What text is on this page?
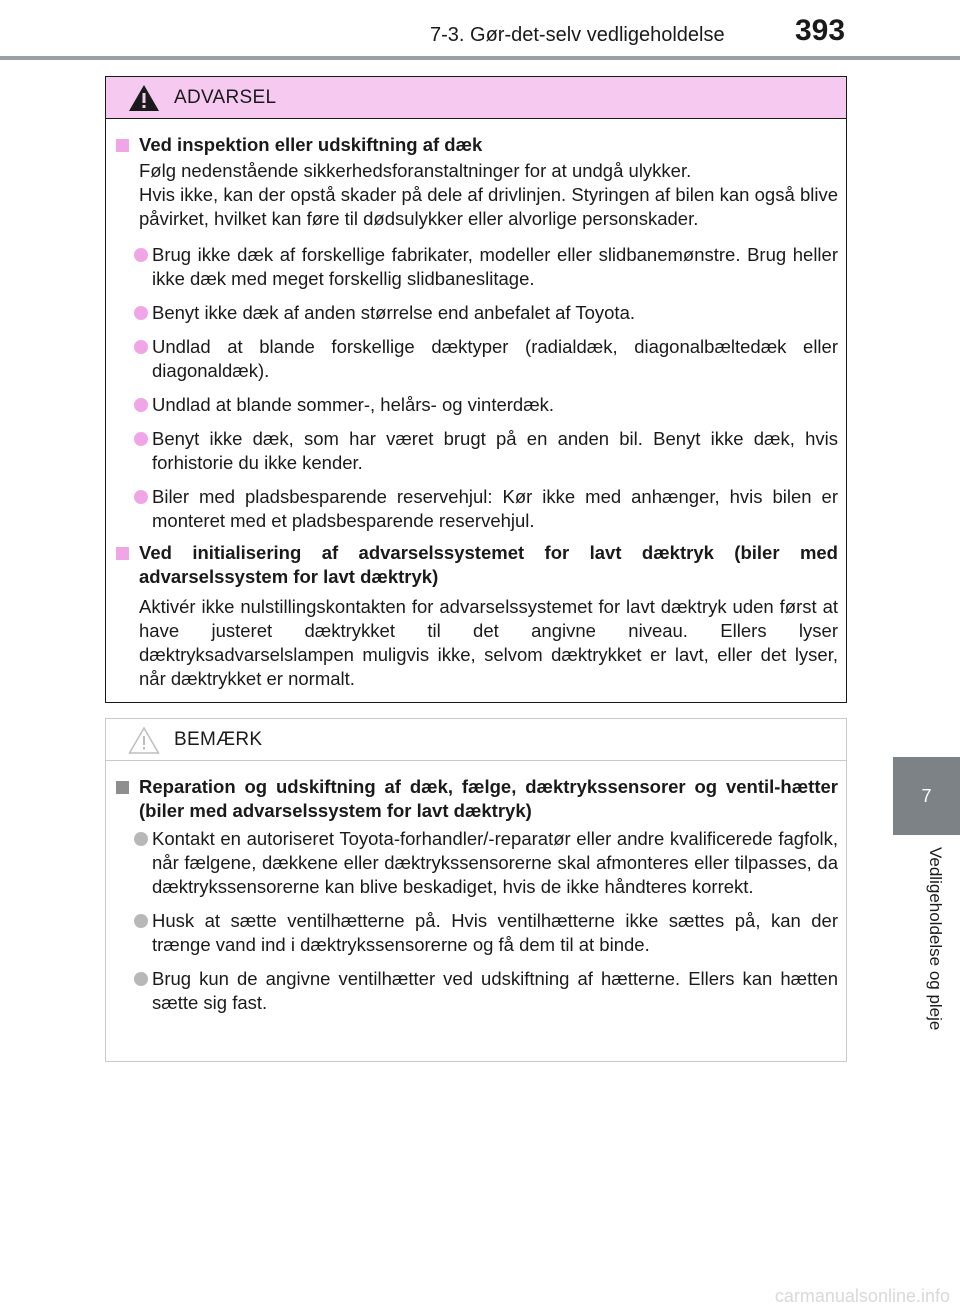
7-3. Gør-det-selv vedligeholdelse	393
7
Vedligeholdelse og pleje
ADVARSEL
Ved inspektion eller udskiftning af dæk
Følg nedenstående sikkerhedsforanstaltninger for at undgå ulykker.
Hvis ikke, kan der opstå skader på dele af drivlinjen. Styringen af bilen kan også blive påvirket, hvilket kan føre til dødsulykker eller alvorlige personskader.
Brug ikke dæk af forskellige fabrikater, modeller eller slidbanemønstre. Brug heller ikke dæk med meget forskellig slidbaneslitage.
Benyt ikke dæk af anden størrelse end anbefalet af Toyota.
Undlad at blande forskellige dæktyper (radialdæk, diagonalbæltedæk eller diagonaldæk).
Undlad at blande sommer-, helårs- og vinterdæk.
Benyt ikke dæk, som har været brugt på en anden bil. Benyt ikke dæk, hvis forhistorie du ikke kender.
Biler med pladsbesparende reservehjul: Kør ikke med anhænger, hvis bilen er monteret med et pladsbesparende reservehjul.
Ved initialisering af advarselssystemet for lavt dæktryk (biler med advarselssystem for lavt dæktryk)
Aktivér ikke nulstillingskontakten for advarselssystemet for lavt dæktryk uden først at have justeret dæktrykket til det angivne niveau. Ellers lyser dæktryksadvarselslampen muligvis ikke, selvom dæktrykket er lavt, eller det lyser, når dæktrykket er normalt.
BEMÆRK
Reparation og udskiftning af dæk, fælge, dæktrykssensorer og ventil-hætter (biler med advarselssystem for lavt dæktryk)
Kontakt en autoriseret Toyota-forhandler/-reparatør eller andre kvalificerede fagfolk, når fælgene, dækkene eller dæktrykssensorerne skal afmonteres eller tilpasses, da dæktrykssensorerne kan blive beskadiget, hvis de ikke håndteres korrekt.
Husk at sætte ventilhætterne på. Hvis ventilhætterne ikke sættes på, kan der trænge vand ind i dæktrykssensorerne og få dem til at binde.
Brug kun de angivne ventilhætter ved udskiftning af hætterne. Ellers kan hætten sætte sig fast.
carmanualsonline.info
